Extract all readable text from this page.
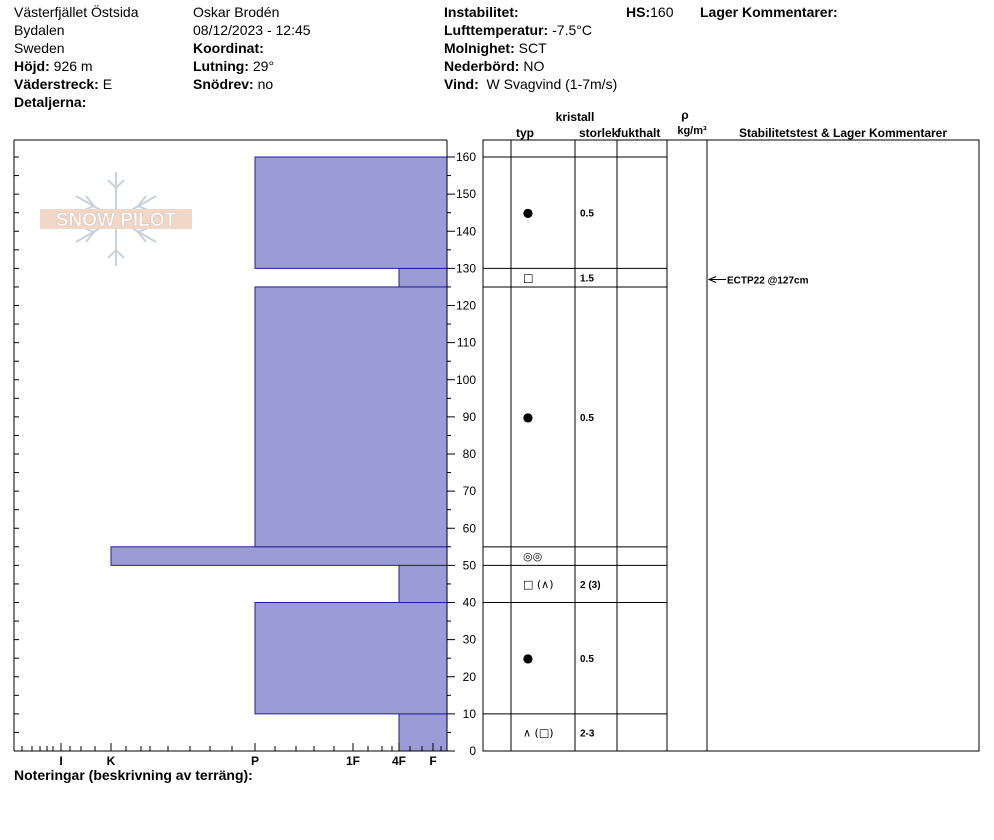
Västerfjället Östsida
Bydalen
Sweden
Höjd: 926 m
Väderstreck: E
Detaljerna:
Oskar Brodén
08/12/2023 - 12:45
Koordinat:
Lutning: 29°
Snödrev: no
Instabilitet:
Lufttemperatur: -7.5°C
Molnighet: SCT
Nederbörd: NO
Vind: W Svagvind (1-7m/s)
HS:160 Lager Kommentarer:
SNOW PILOT
I	K	P	1F	4F F
0
10
20
30
40
50
60
70
80
90
100
110
120
130
140
150
160
kristall
typ	storlek
fukthalt
ρ
kg/m³	Stabilitetstest & Lager Kommentarer
∧ (□)	2-3
●	0.5
□ (∧)	2 (3)
◎◎
●	0.5
□	1.5
●	0.5
ECTP22 @127cm
Noteringar (beskrivning av terräng):
